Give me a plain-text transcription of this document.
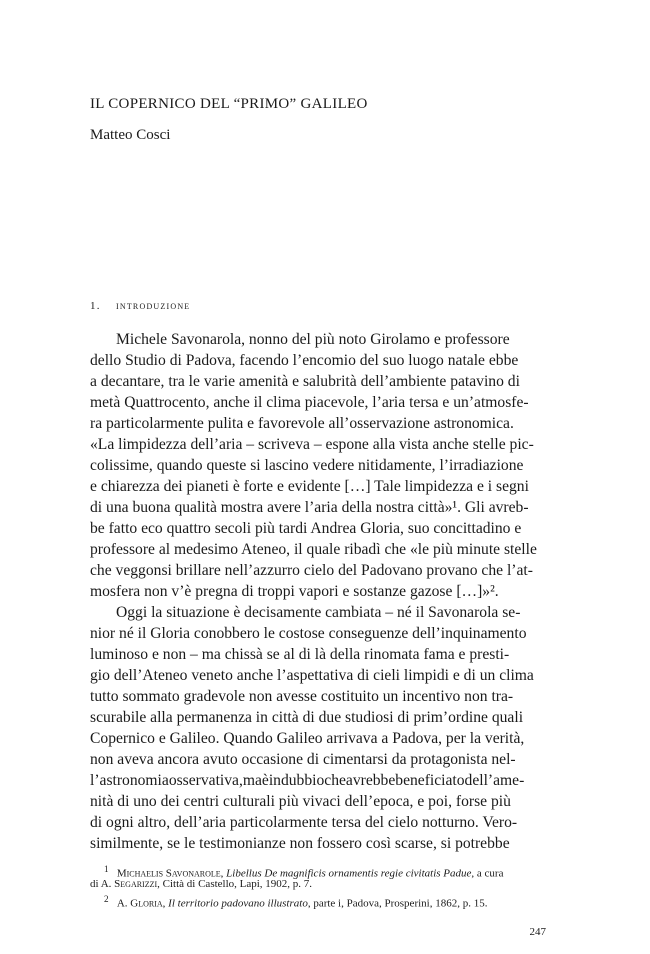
IL COPERNICO DEL “PRIMO” GALILEO
Matteo Cosci
1. introduzione
Michele Savonarola, nonno del più noto Girolamo e professore
dello Studio di Padova, facendo l’encomio del suo luogo natale ebbe
a decantare, tra le varie amenità e salubrità dell’ambiente patavino di
metà Quattrocento, anche il clima piacevole, l’aria tersa e un’atmosfe-
ra particolarmente pulita e favorevole all’osservazione astronomica.
«La limpidezza dell’aria – scriveva – espone alla vista anche stelle pic-
colissime, quando queste si lascino vedere nitidamente, l’irradiazione
e chiarezza dei pianeti è forte e evidente […] Tale limpidezza e i segni
di una buona qualità mostra avere l’aria della nostra città»¹. Gli avreb-
be fatto eco quattro secoli più tardi Andrea Gloria, suo concittadino e
professore al medesimo Ateneo, il quale ribadì che «le più minute stelle
che veggonsi brillare nell’azzurro cielo del Padovano provano che l’at-
mosfera non v’è pregna di troppi vapori e sostanze gazose […]»².
Oggi la situazione è decisamente cambiata – né il Savonarola se-
nior né il Gloria conobbero le costose conseguenze dell’inquinamento
luminoso e non – ma chissà se al di là della rinomata fama e presti-
gio dell’Ateneo veneto anche l’aspettativa di cieli limpidi e di un clima
tutto sommato gradevole non avesse costituito un incentivo non tra-
scurabile alla permanenza in città di due studiosi di prim’ordine quali
Copernico e Galileo. Quando Galileo arrivava a Padova, per la verità,
non aveva ancora avuto occasione di cimentarsi da protagonista nel-
l’astronomiaosservativa,maèindubbiocheavrebbebeneficiatodell’ame-
nità di uno dei centri culturali più vivaci dell’epoca, e poi, forse più
di ogni altro, dell’aria particolarmente tersa del cielo notturno. Vero-
similmente, se le testimonianze non fossero così scarse, si potrebbe
$^1$ Michaelis Savonarole, Libellus De magnificis ornamentis regie civitatis Padue, a cura
di A. Segarizzi, Città di Castello, Lapi, 1902, p. 7.
$^2$ A. Gloria, Il territorio padovano illustrato, parte i, Padova, Prosperini, 1862, p. 15.
247
